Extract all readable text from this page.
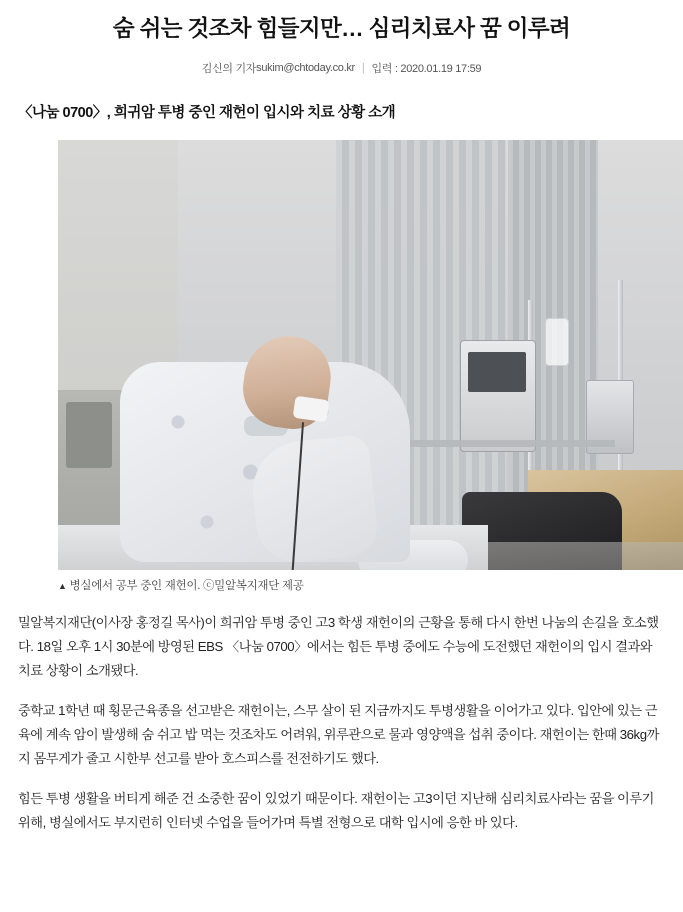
숨 쉬는 것조차 힘들지만… 심리치료사 꿈 이루려
김신의 기자 sukim@chtoday.co.kr | 입력 : 2020.01.19 17:59
〈나눔 0700〉, 희귀암 투병 중인 재헌이 입시와 치료 상황 소개
▲ 병실에서 공부 중인 재헌이. ⓒ밀알복지재단 제공

밀알복지재단(이사장 홍정길 목사)이 희귀암 투병 중인 고3 학생 재헌이의 근황을 통해 다시 한번 나눔의 손길을 호소했다. 18일 오후 1시 30분에 방영된 EBS 〈나눔 0700〉에서는 힘든 투병 중에도 수능에 도전했던 재헌이의 입시 결과와 치료 상황이 소개됐다.

중학교 1학년 때 횡문근육종을 선고받은 재헌이는, 스무 살이 된 지금까지도 투병생활을 이어가고 있다. 입안에 있는 근육에 계속 암이 발생해 숨 쉬고 밥 먹는 것조차도 어려워, 위루관으로 물과 영양액을 섭취 중이다. 재헌이는 한때 36kg까지 몸무게가 줄고 시한부 선고를 받아 호스피스를 전전하기도 했다.

힘든 투병 생활을 버티게 해준 건 소중한 꿈이 있었기 때문이다. 재헌이는 고3이던 지난해 심리치료사라는 꿈을 이루기 위해, 병실에서도 부지런히 인터넷 수업을 들어가며 특별 전형으로 대학 입시에 응한 바 있다.
